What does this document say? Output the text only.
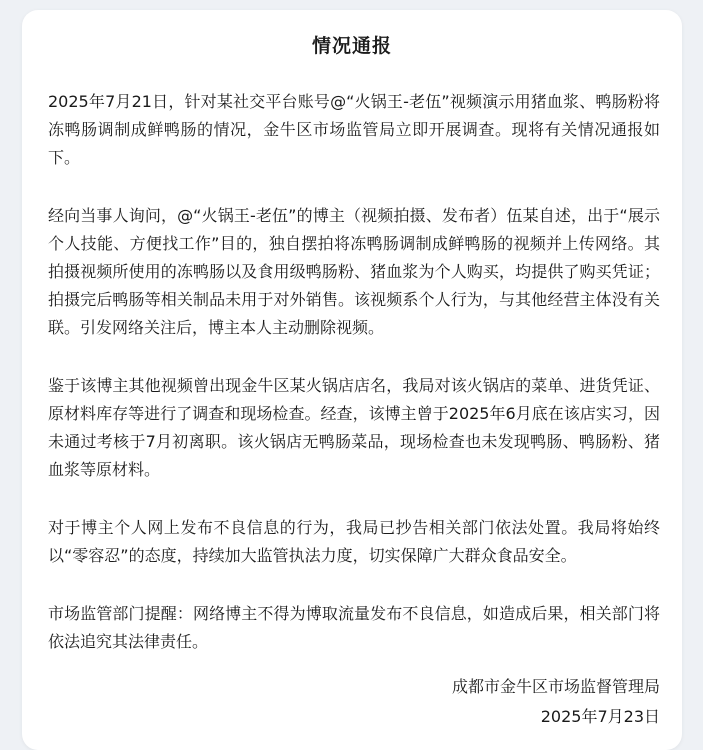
情况通报

2025年7月21日，针对某社交平台账号@“火锅王-老伍”视频演示用猪血浆、鸭肠粉将冻鸭肠调制成鲜鸭肠的情况，金牛区市场监管局立即开展调查。现将有关情况通报如下。

经向当事人询问，@“火锅王-老伍”的博主（视频拍摄、发布者）伍某自述，出于“展示个人技能、方便找工作”目的，独自摆拍将冻鸭肠调制成鲜鸭肠的视频并上传网络。其拍摄视频所使用的冻鸭肠以及食用级鸭肠粉、猪血浆为个人购买，均提供了购买凭证；拍摄完后鸭肠等相关制品未用于对外销售。该视频系个人行为，与其他经营主体没有关联。引发网络关注后，博主本人主动删除视频。

鉴于该博主其他视频曾出现金牛区某火锅店店名，我局对该火锅店的菜单、进货凭证、原材料库存等进行了调查和现场检查。经查，该博主曾于2025年6月底在该店实习，因未通过考核于7月初离职。该火锅店无鸭肠菜品，现场检查也未发现鸭肠、鸭肠粉、猪血浆等原材料。

对于博主个人网上发布不良信息的行为，我局已抄告相关部门依法处置。我局将始终以“零容忍”的态度，持续加大监管执法力度，切实保障广大群众食品安全。

市场监管部门提醒：网络博主不得为博取流量发布不良信息，如造成后果，相关部门将依法追究其法律责任。

成都市金牛区市场监督管理局
2025年7月23日
